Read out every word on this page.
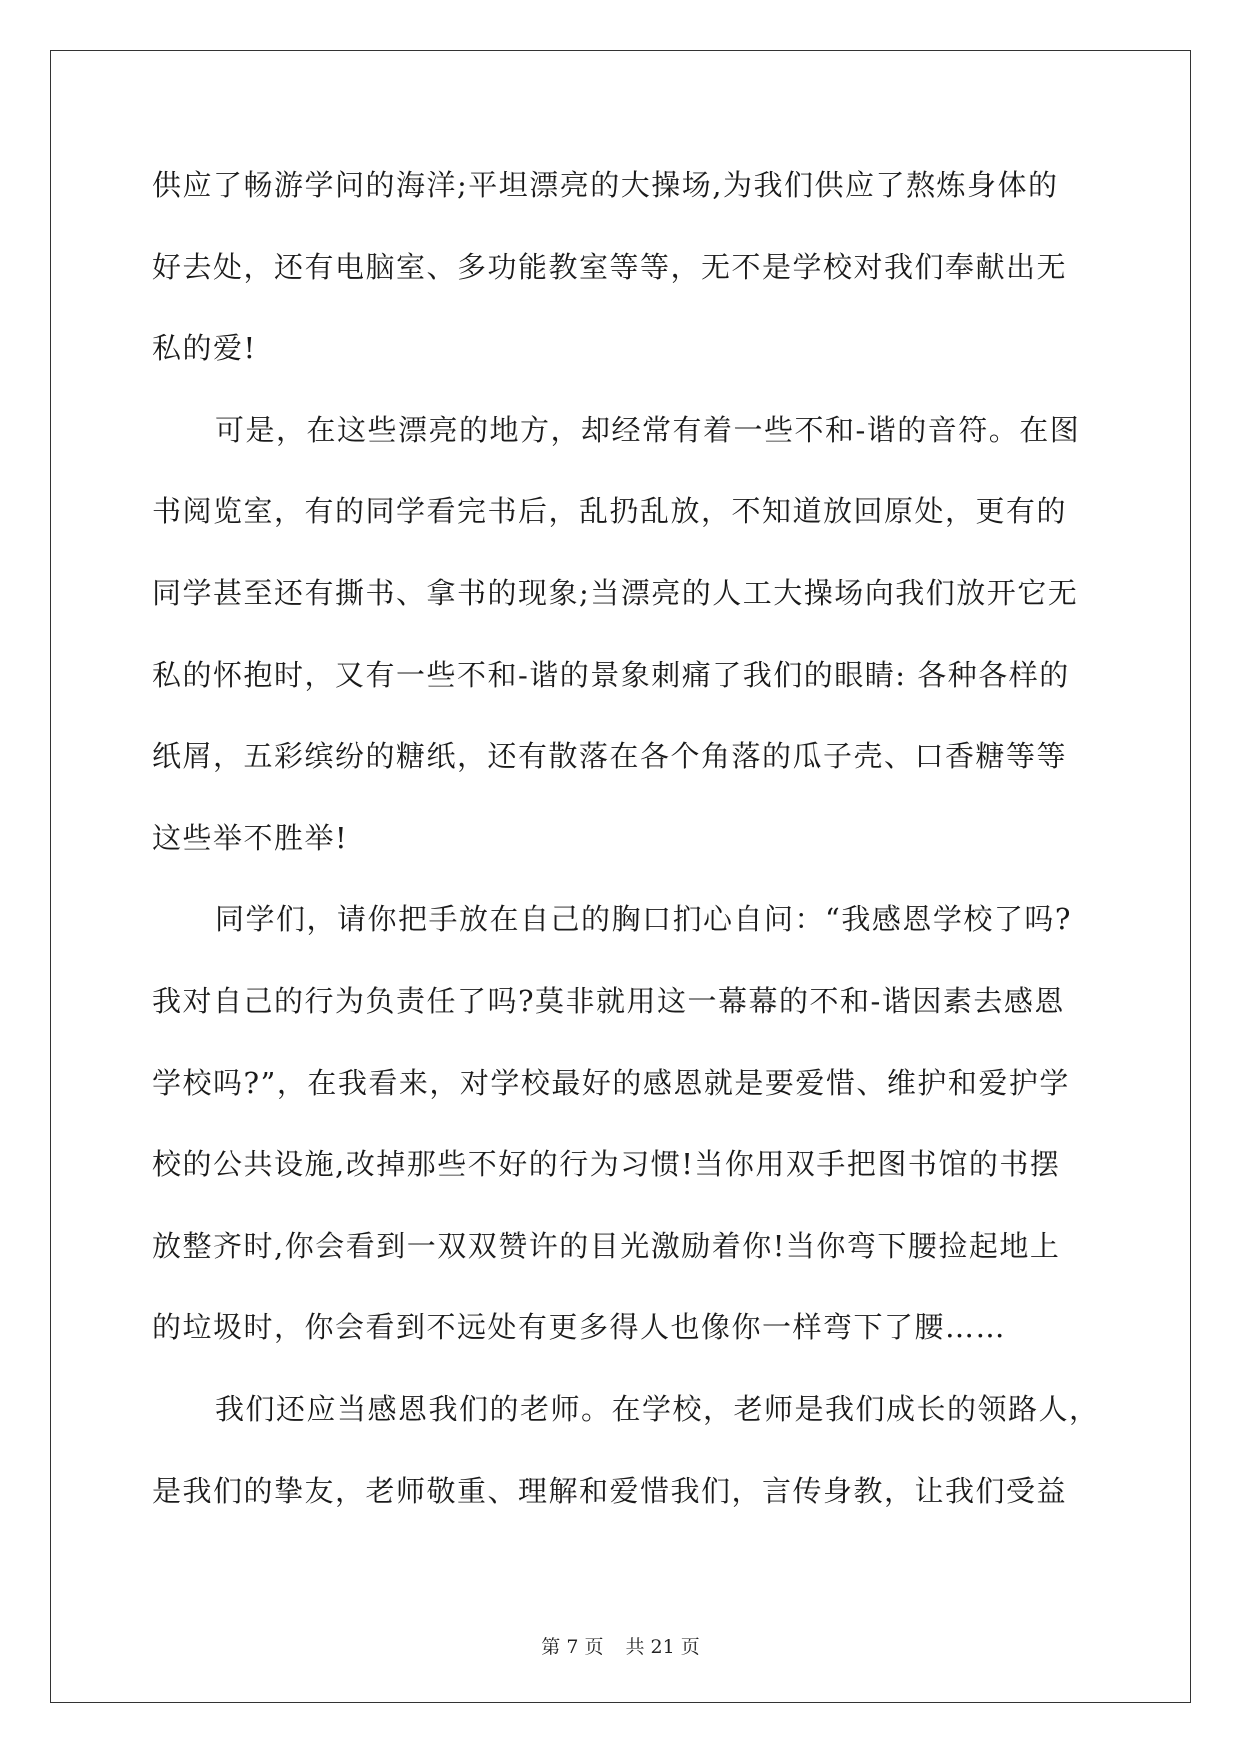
供应了畅游学问的海洋;平坦漂亮的大操场,为我们供应了熬炼身体的
好去处，还有电脑室、多功能教室等等，无不是学校对我们奉献出无
私的爱!
可是，在这些漂亮的地方，却经常有着一些不和-谐的音符。在图
书阅览室，有的同学看完书后，乱扔乱放，不知道放回原处，更有的
同学甚至还有撕书、拿书的现象;当漂亮的人工大操场向我们放开它无
私的怀抱时，又有一些不和-谐的景象刺痛了我们的眼睛: 各种各样的
纸屑，五彩缤纷的糖纸，还有散落在各个角落的瓜子壳、口香糖等等
这些举不胜举!
同学们，请你把手放在自己的胸口扪心自问：“我感恩学校了吗?
我对自己的行为负责任了吗?莫非就用这一幕幕的不和-谐因素去感恩
学校吗?”，在我看来，对学校最好的感恩就是要爱惜、维护和爱护学
校的公共设施,改掉那些不好的行为习惯!当你用双手把图书馆的书摆
放整齐时,你会看到一双双赞许的目光激励着你!当你弯下腰捡起地上
的垃圾时，你会看到不远处有更多得人也像你一样弯下了腰……
我们还应当感恩我们的老师。在学校，老师是我们成长的领路人，
是我们的挚友，老师敬重、理解和爱惜我们，言传身教，让我们受益
第 7 页 共 21 页
